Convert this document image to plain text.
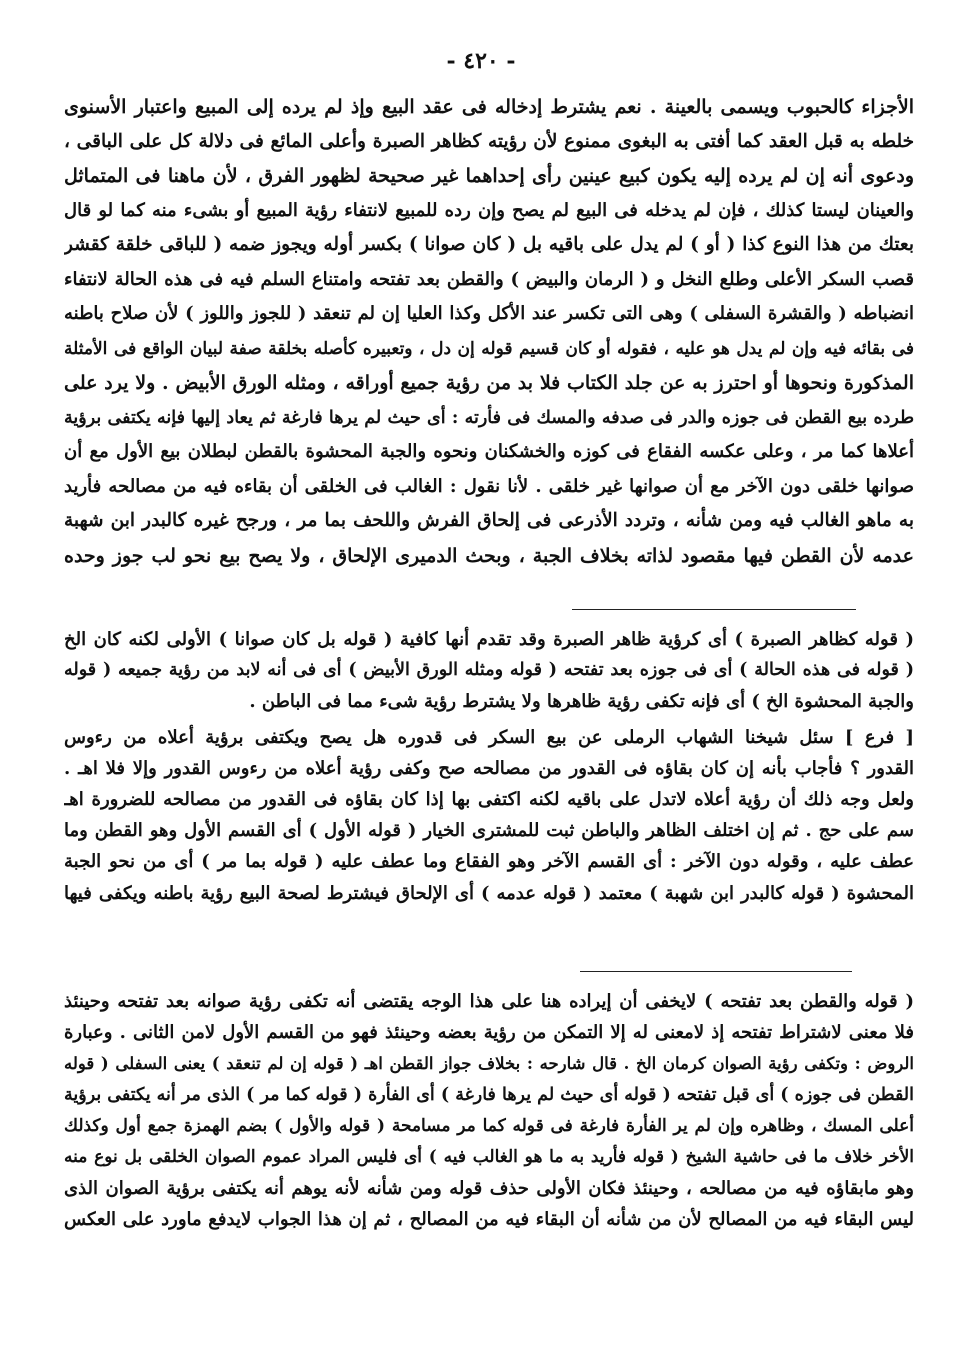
- ٤٢٠ -
الأجزاء كالحبوب ويسمى بالعينة . نعم يشترط إدخاله فى عقد البيع وإذ لم يرده إلى المبيع واعتبار الأسنوى
خلطه به قبل العقد كما أفتى به البغوى ممنوع لأن رؤيته كظاهر الصبرة وأعلى المائع فى دلالة كل على الباقى ،
ودعوى أنه إن لم يرده إليه يكون كبيع عينين رأى إحداهما غير صحيحة لظهور الفرق ، لأن ماهنا فى المتماثل
والعينان ليستا كذلك ، فإن لم يدخله فى البيع لم يصح وإن رده للمبيع لانتفاء رؤية المبيع أو بشىء منه كما لو قال
بعتك من هذا النوع كذا ( أو ) لم يدل على باقيه بل ( كان صوانا ) بكسر أوله ويجوز ضمه ( للباقى خلقة كقشر
قصب السكر الأعلى وطلع النخل و ( الرمان والبيض ) والقطن بعد تفتحه وامتناع السلم فيه فى هذه الحالة لانتفاء
انضباطه ( والقشرة السفلى ) وهى التى تكسر عند الأكل وكذا العليا إن لم تنعقد ( للجوز واللوز ) لأن صلاح باطنه
فى بقائه فيه وإن لم يدل هو عليه ، فقوله أو كان قسيم قوله إن دل ، وتعبيره كأصله بخلقة صفة لبيان الواقع فى الأمثلة
المذكورة ونحوها أو احترز به عن جلد الكتاب فلا بد من رؤية جميع أوراقه ، ومثله الورق الأبيض . ولا يرد على
طرده بيع القطن فى جوزه والدر فى صدفه والمسك فى فأرته : أى حيث لم يرها فارغة ثم يعاد إليها فإنه يكتفى برؤية
أعلاها كما مر ، وعلى عكسه الفقاع فى كوزه والخشكنان ونحوه والجبة المحشوة بالقطن لبطلان بيع الأول مع أن
صوانها خلقى دون الآخر مع أن صوانها غير خلقى . لأنا نقول : الغالب فى الخلقى أن بقاءه فيه من مصالحه فأريد
به ماهو الغالب فيه ومن شأنه ، وتردد الأذرعى فى إلحاق الفرش واللحف بما مر ، ورجح غيره كالبدر ابن شهبة
عدمه لأن القطن فيها مقصود لذاته بخلاف الجبة ، وبحث الدميرى الإلحاق ، ولا يصح بيع نحو لب جوز وحده
( قوله كظاهر الصبرة ) أى كرؤية ظاهر الصبرة وقد تقدم أنها كافية ( قوله بل كان صوانا ) الأولى لكنه كان الخ
( قوله فى هذه الحالة ) أى فى جوزه بعد تفتحه ( قوله ومثله الورق الأبيض ) أى فى أنه لابد من رؤية جميعه ( قوله
والجبة المحشوة الخ ) أى فإنه تكفى رؤية ظاهرها ولا يشترط رؤية شىء مما فى الباطن .
[ فرع ] سئل شيخنا الشهاب الرملى عن بيع السكر فى قدوره هل يصح ويكتفى برؤية أعلاه من رءوس
القدور ؟ فأجاب بأنه إن كان بقاؤه فى القدور من مصالحه صح وكفى رؤية أعلاه من رءوس القدور وإلا فلا اهـ .
ولعل وجه ذلك أن رؤية أعلاه لاتدل على باقيه لكنه اكتفى بها إذا كان بقاؤه فى القدور من مصالحه للضرورة اهـ
سم على حج . ثم إن اختلف الظاهر والباطن ثبت للمشترى الخيار ( قوله الأول ) أى القسم الأول وهو القطن وما
عطف عليه ، وقوله دون الآخر : أى القسم الآخر وهو الفقاع وما عطف عليه ( قوله بما مر ) أى من نحو الجبة
المحشوة ( قوله كالبدر ابن شهبة ) معتمد ( قوله عدمه ) أى الإلحاق فيشترط لصحة البيع رؤية باطنه ويكفى فيها
( قوله والقطن بعد تفتحه ) لايخفى أن إيراده هنا على هذا الوجه يقتضى أنه تكفى رؤية صوانه بعد تفتحه وحينئذ
فلا معنى لاشتراط تفتحه إذ لامعنى له إلا التمكن من رؤية بعضه وحينئذ فهو من القسم الأول لامن الثانى . وعبارة
الروض : وتكفى رؤية الصوان كرمان الخ . قال شارحه : بخلاف جواز القطن اهـ ( قوله إن لم تنعقد ) يعنى السفلى ( قوله
القطن فى جوزه ) أى قبل تفتحه ( قوله أى حيث لم يرها فارغة ) أى الفأرة ( قوله كما مر ) الذى مر أنه يكتفى برؤية
أعلى المسك ، وظاهره وإن لم ير الفأرة فارغة فى قوله كما مر مسامحة ( قوله والأول ) بضم الهمزة جمع أول وكذلك
الأخر خلاف ما فى حاشية الشيخ ( قوله فأريد به ما هو الغالب فيه ) أى فليس المراد عموم الصوان الخلقى بل نوع منه
وهو مابقاؤه فيه من مصالحه ، وحينئذ فكان الأولى حذف قوله ومن شأنه لأنه يوهم أنه يكتفى برؤية الصوان الذى
ليس البقاء فيه من المصالح لأن من شأنه أن البقاء فيه من المصالح ، ثم إن هذا الجواب لايدفع ماورد على العكس
